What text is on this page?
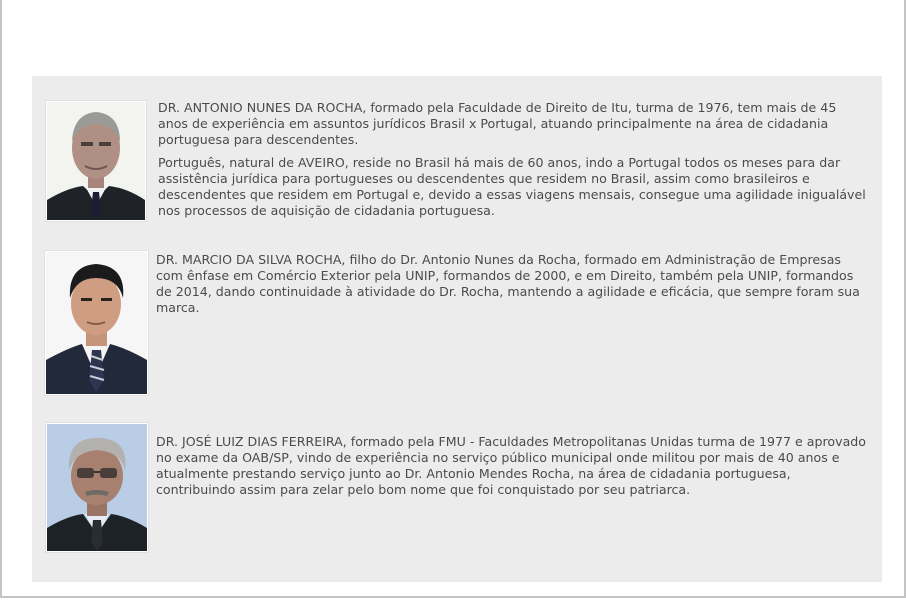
DR. ANTONIO NUNES DA ROCHA, formado pela Faculdade de Direito de Itu, turma de 1976, tem mais de 45 anos de experiência em assuntos jurídicos Brasil x Portugal, atuando principalmente na área de cidadania portuguesa para descendentes.

Português, natural de AVEIRO, reside no Brasil há mais de 60 anos, indo a Portugal todos os meses para dar assistência jurídica para portugueses ou descendentes que residem no Brasil, assim como brasileiros e descendentes que residem em Portugal e, devido a essas viagens mensais, consegue uma agilidade inigualável nos processos de aquisição de cidadania portuguesa.

DR. MARCIO DA SILVA ROCHA, filho do Dr. Antonio Nunes da Rocha, formado em Administração de Empresas com ênfase em Comércio Exterior pela UNIP, formandos de 2000, e em Direito, também pela UNIP, formandos de 2014, dando continuidade à atividade do Dr. Rocha, mantendo a agilidade e eficácia, que sempre foram sua marca.

DR. JOSÉ LUIZ DIAS FERREIRA, formado pela FMU - Faculdades Metropolitanas Unidas turma de 1977 e aprovado no exame da OAB/SP, vindo de experiência no serviço público municipal onde militou por mais de 40 anos e atualmente prestando serviço junto ao Dr. Antonio Mendes Rocha, na área de cidadania portuguesa, contribuindo assim para zelar pelo bom nome que foi conquistado por seu patriarca.
